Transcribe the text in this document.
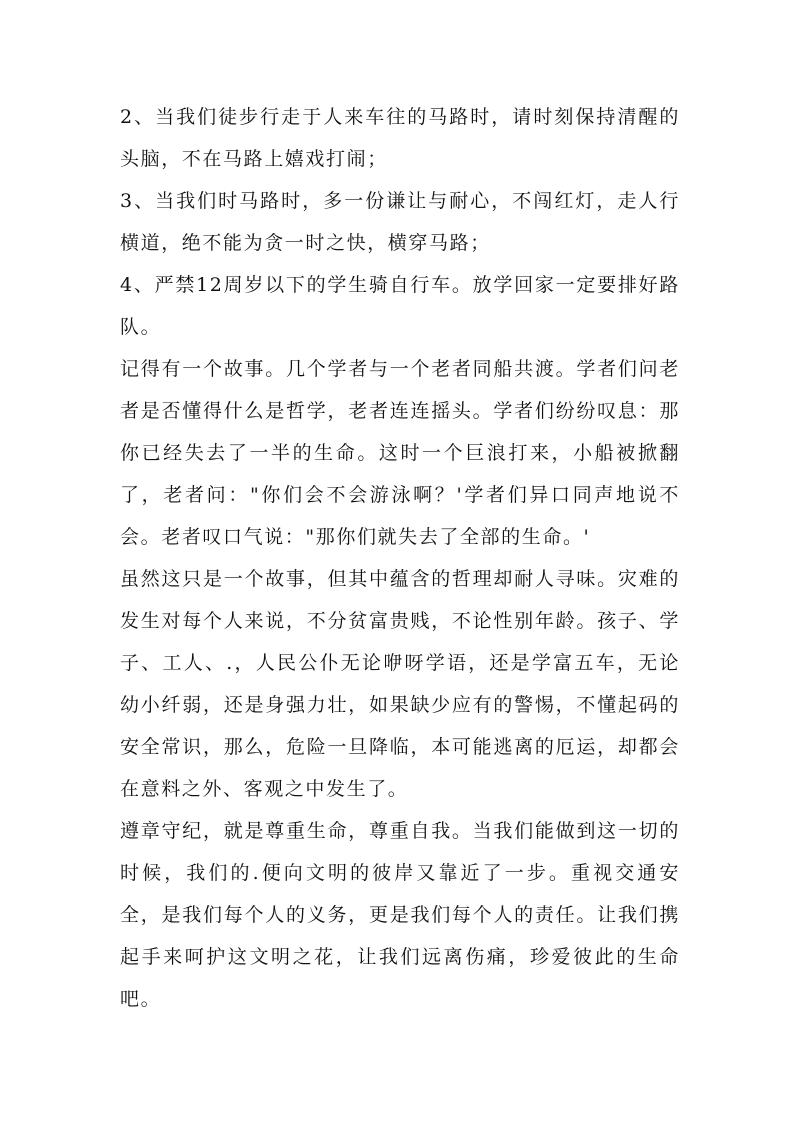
2、当我们徒步行走于人来车往的马路时，请时刻保持清醒的头脑，不在马路上嬉戏打闹；

3、当我们时马路时，多一份谦让与耐心，不闯红灯，走人行横道，绝不能为贪一时之快，横穿马路；

4、严禁12周岁以下的学生骑自行车。放学回家一定要排好路队。

记得有一个故事。几个学者与一个老者同船共渡。学者们问老者是否懂得什么是哲学，老者连连摇头。学者们纷纷叹息：那你已经失去了一半的生命。这时一个巨浪打来，小船被掀翻了，老者问："你们会不会游泳啊？'学者们异口同声地说不会。老者叹口气说："那你们就失去了全部的生命。'

虽然这只是一个故事，但其中蕴含的哲理却耐人寻味。灾难的发生对每个人来说，不分贫富贵贱，不论性别年龄。孩子、学子、工人、.，人民公仆无论咿呀学语，还是学富五车，无论幼小纤弱，还是身强力壮，如果缺少应有的警惕，不懂起码的安全常识，那么，危险一旦降临，本可能逃离的厄运，却都会在意料之外、客观之中发生了。

遵章守纪，就是尊重生命，尊重自我。当我们能做到这一切的时候，我们的.便向文明的彼岸又靠近了一步。重视交通安全，是我们每个人的义务，更是我们每个人的责任。让我们携起手来呵护这文明之花，让我们远离伤痛，珍爱彼此的生命吧。
